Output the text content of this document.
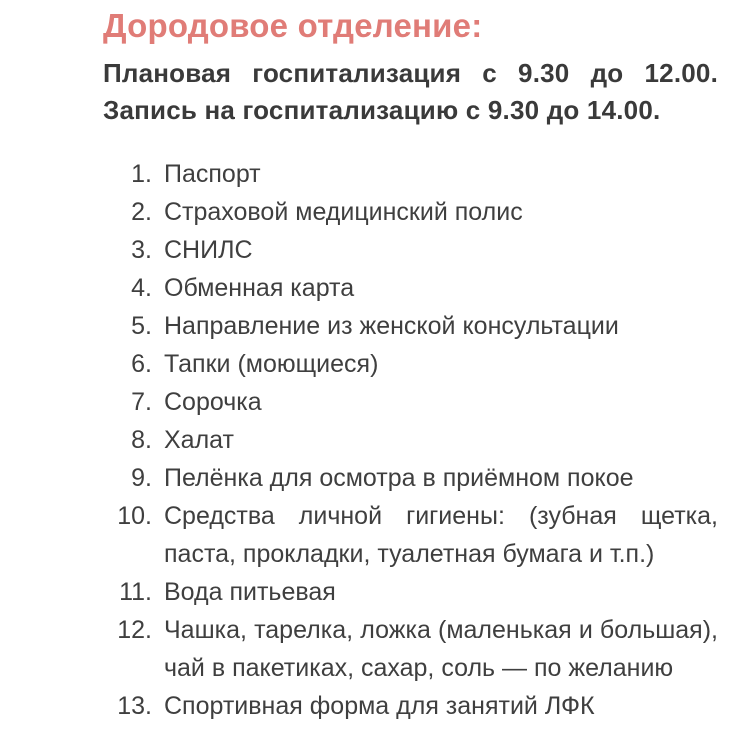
Дородовое отделение:

Плановая госпитализация с 9.30 до 12.00.

Запись на госпитализацию с 9.30 до 14.00.

1. Паспорт
2. Страховой медицинский полис
3. СНИЛС
4. Обменная карта
5. Направление из женской консультации
6. Тапки (моющиеся)
7. Сорочка
8. Халат
9. Пелёнка для осмотра в приёмном покое
10. Средства личной гигиены: (зубная щетка,
паста, прокладки, туалетная бумага и т.п.)
11. Вода питьевая
12. Чашка, тарелка, ложка (маленькая и большая),
чай в пакетиках, сахар, соль — по желанию
13. Спортивная форма для занятий ЛФК
